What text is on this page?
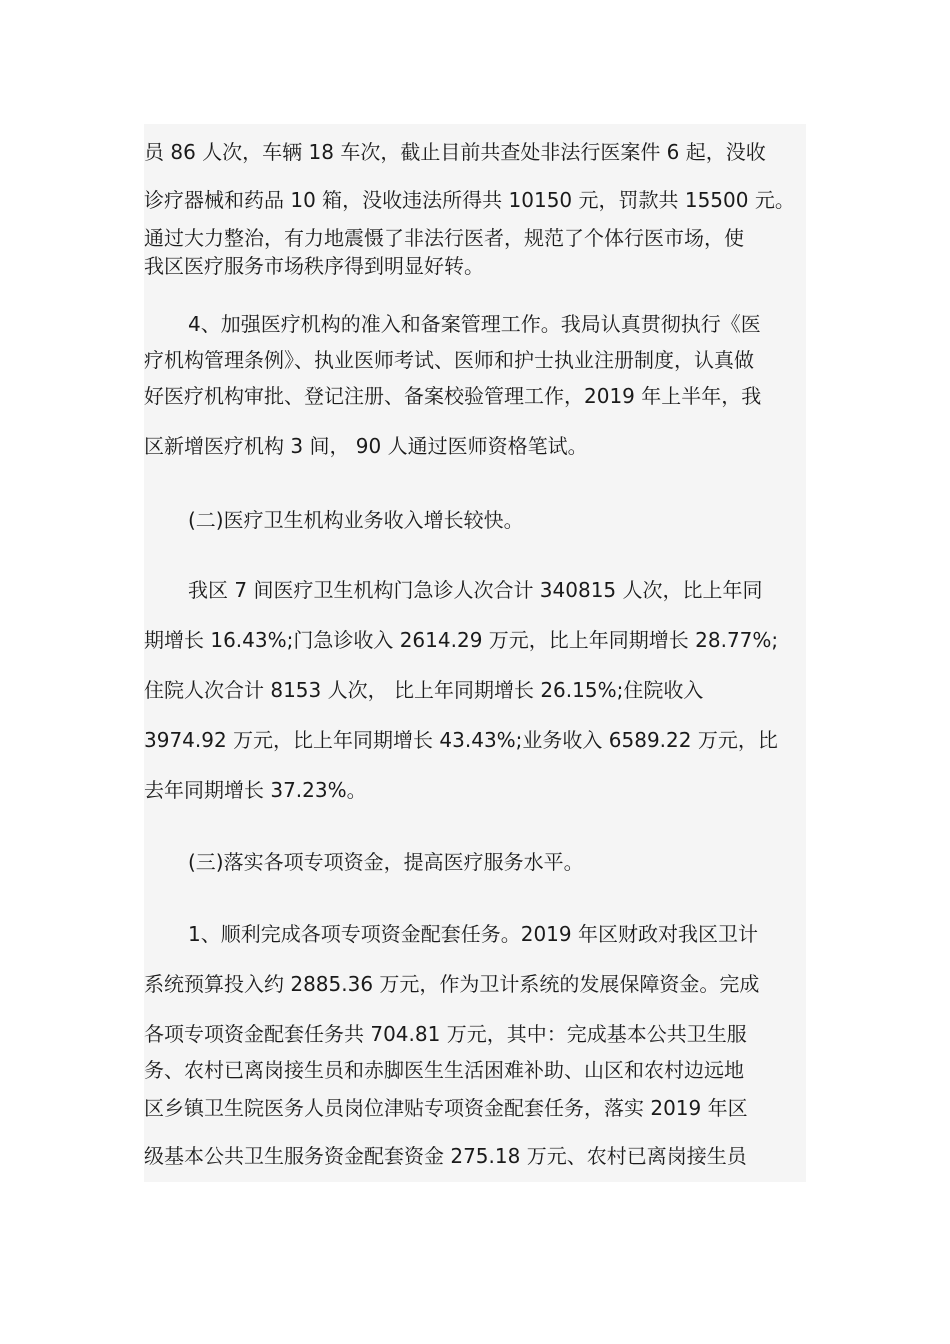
员 86 人次，车辆 18 车次，截止目前共查处非法行医案件 6 起，没收
诊疗器械和药品 10 箱，没收违法所得共 10150 元，罚款共 15500 元。
通过大力整治，有力地震慑了非法行医者，规范了个体行医市场，使
我区医疗服务市场秩序得到明显好转。
4、加强医疗机构的准入和备案管理工作。我局认真贯彻执行《医
疗机构管理条例》、执业医师考试、医师和护士执业注册制度，认真做
好医疗机构审批、登记注册、备案校验管理工作，2019 年上半年，我
区新增医疗机构 3 间， 90 人通过医师资格笔试。
(二)医疗卫生机构业务收入增长较快。
我区 7 间医疗卫生机构门急诊人次合计 340815 人次，比上年同
期增长 16.43%;门急诊收入 2614.29 万元，比上年同期增长 28.77%;
住院人次合计 8153 人次， 比上年同期增长 26.15%;住院收入
3974.92 万元，比上年同期增长 43.43%;业务收入 6589.22 万元，比
去年同期增长 37.23%。
(三)落实各项专项资金，提高医疗服务水平。
1、顺利完成各项专项资金配套任务。2019 年区财政对我区卫计
系统预算投入约 2885.36 万元，作为卫计系统的发展保障资金。完成
各项专项资金配套任务共 704.81 万元，其中：完成基本公共卫生服
务、农村已离岗接生员和赤脚医生生活困难补助、山区和农村边远地
区乡镇卫生院医务人员岗位津贴专项资金配套任务，落实 2019 年区
级基本公共卫生服务资金配套资金 275.18 万元、农村已离岗接生员
